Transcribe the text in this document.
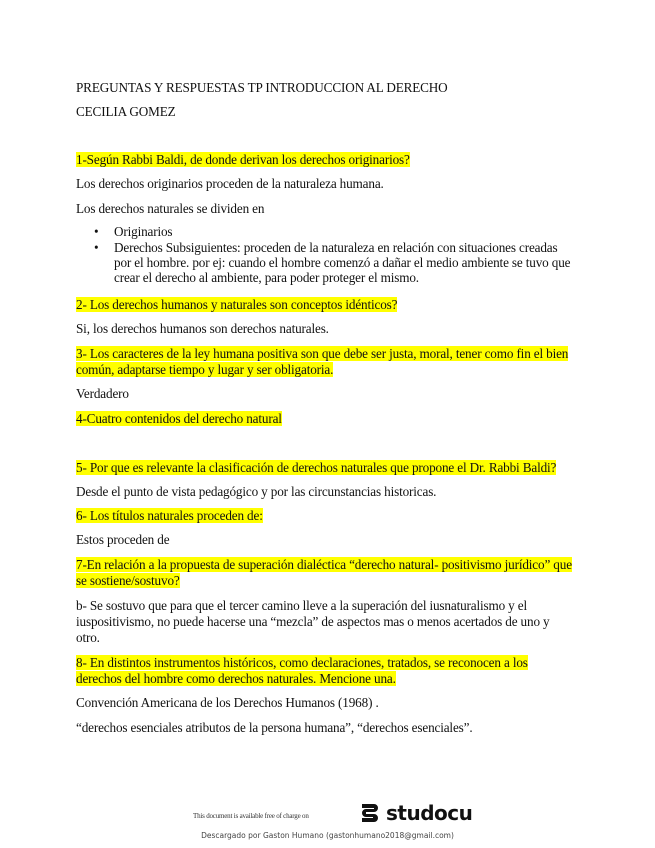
PREGUNTAS Y RESPUESTAS TP INTRODUCCION AL DERECHO
CECILIA GOMEZ
1-Según Rabbi Baldi, de donde derivan los derechos originarios?
Los derechos originarios proceden de la naturaleza humana.
Los derechos naturales se dividen en
• Originarios
• Derechos Subsiguientes: proceden de la naturaleza en relación con situaciones creadas por el hombre. por ej: cuando el hombre comenzó a dañar el medio ambiente se tuvo que crear el derecho al ambiente, para poder proteger el mismo.
2- Los derechos humanos y naturales son conceptos idénticos?
Si, los derechos humanos son derechos naturales.
3- Los caracteres de la ley humana positiva son que debe ser justa, moral, tener como fin el bien
común, adaptarse tiempo y lugar y ser obligatoria.
Verdadero
4-Cuatro contenidos del derecho natural
5- Por que es relevante la clasificación de derechos naturales que propone el Dr. Rabbi Baldi?
Desde el punto de vista pedagógico y por las circunstancias historicas.
6- Los títulos naturales proceden de:
Estos proceden de
7-En relación a la propuesta de superación dialéctica “derecho natural- positivismo jurídico” que
se sostiene/sostuvo?
b- Se sostuvo que para que el tercer camino lleve a la superación del iusnaturalismo y el
iuspositivismo, no puede hacerse una “mezcla” de aspectos mas o menos acertados de uno y
otro.
8- En distintos instrumentos históricos, como declaraciones, tratados, se reconocen a los
derechos del hombre como derechos naturales. Mencione una.
Convención Americana de los Derechos Humanos (1968) .
“derechos esenciales atributos de la persona humana”, “derechos esenciales”.
This document is available free of charge on	studocu
Descargado por Gaston Humano (gastonhumano2018@gmail.com)
